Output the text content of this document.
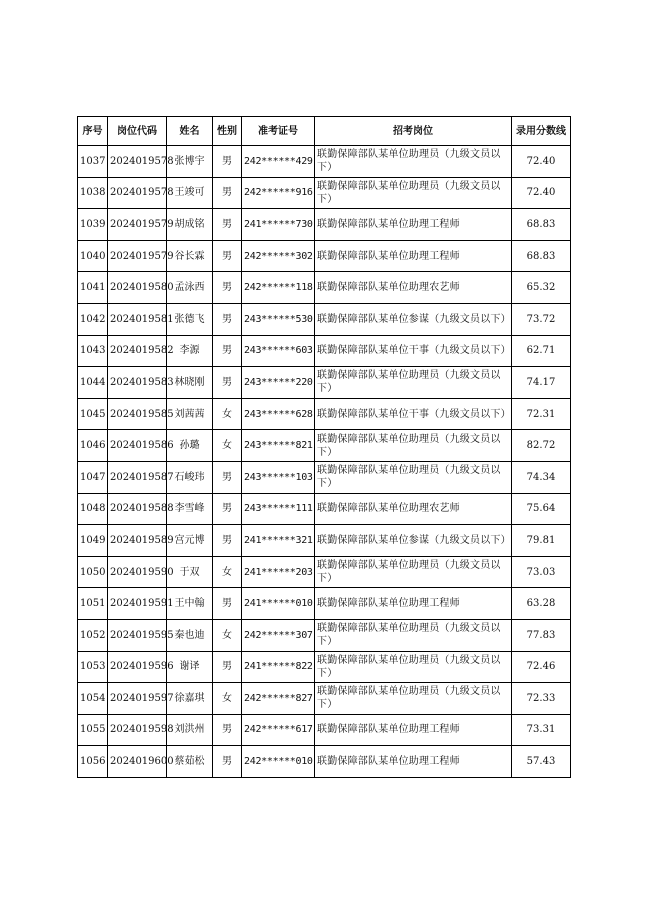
序号	岗位代码	姓名	性别	准考证号	招考岗位	录用分数线
1037	2024019578	张博宇	男	242******429	联勤保障部队某单位助理员（九级文员以下）	72.40
1038	2024019578	王竣可	男	242******916	联勤保障部队某单位助理员（九级文员以下）	72.40
1039	2024019579	胡成铭	男	241******730	联勤保障部队某单位助理工程师	68.83
1040	2024019579	谷长霖	男	242******302	联勤保障部队某单位助理工程师	68.83
1041	2024019580	孟泳西	男	242******118	联勤保障部队某单位助理农艺师	65.32
1042	2024019581	张德飞	男	243******530	联勤保障部队某单位参谋（九级文员以下）	73.72
1043	2024019582	李源	男	243******603	联勤保障部队某单位干事（九级文员以下）	62.71
1044	2024019583	林晓刚	男	243******220	联勤保障部队某单位助理员（九级文员以下）	74.17
1045	2024019585	刘茜茜	女	243******628	联勤保障部队某单位干事（九级文员以下）	72.31
1046	2024019586	孙璐	女	243******821	联勤保障部队某单位助理员（九级文员以下）	82.72
1047	2024019587	石峻玮	男	243******103	联勤保障部队某单位助理员（九级文员以下）	74.34
1048	2024019588	李雪峰	男	243******111	联勤保障部队某单位助理农艺师	75.64
1049	2024019589	宫元博	男	241******321	联勤保障部队某单位参谋（九级文员以下）	79.81
1050	2024019590	于双	女	241******203	联勤保障部队某单位助理员（九级文员以下）	73.03
1051	2024019591	王中翰	男	241******010	联勤保障部队某单位助理工程师	63.28
1052	2024019595	秦也迪	女	242******307	联勤保障部队某单位助理员（九级文员以下）	77.83
1053	2024019596	谢译	男	241******822	联勤保障部队某单位助理员（九级文员以下）	72.46
1054	2024019597	徐嘉琪	女	242******827	联勤保障部队某单位助理员（九级文员以下）	72.33
1055	2024019598	刘洪州	男	242******617	联勤保障部队某单位助理工程师	73.31
1056	2024019600	蔡茹松	男	242******010	联勤保障部队某单位助理工程师	57.43
